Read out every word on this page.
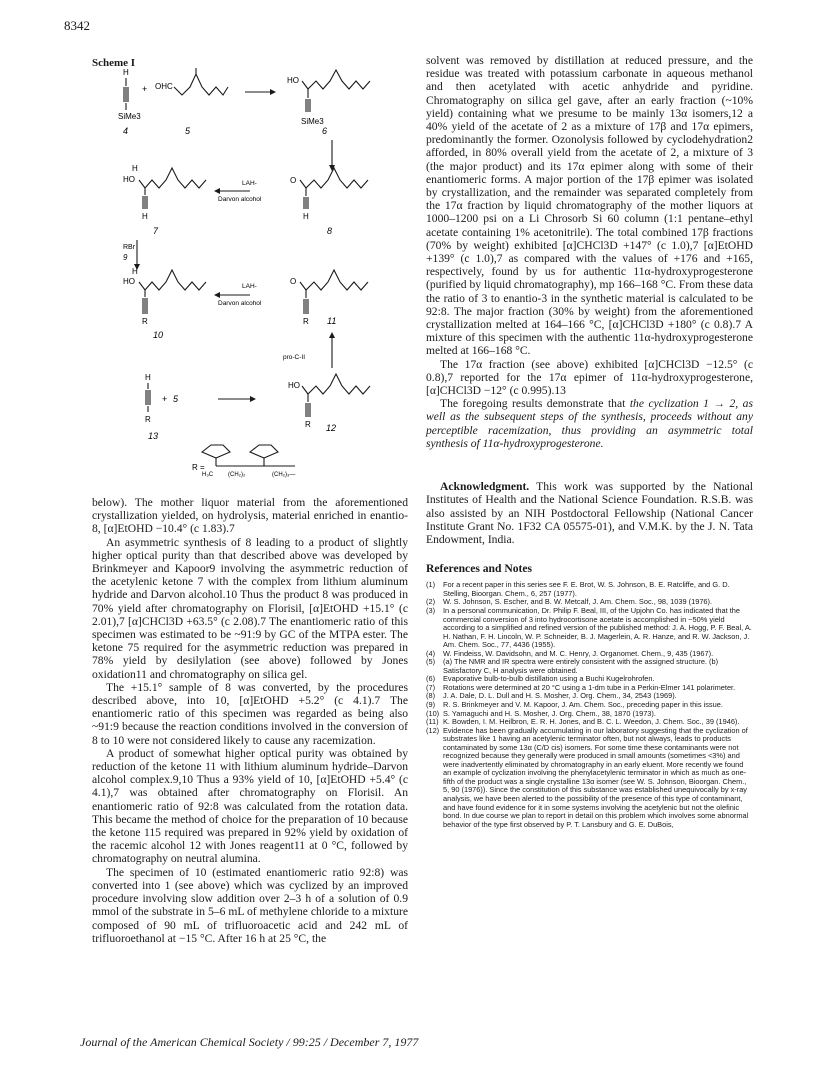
8342
Scheme I
H
SiMe3
+ OHC
HO
SiMe3
4	5	6
H
HO
H
LAH-
Darvon alcohol
O
H
7	8
RBr
9
H
HO
R
LAH-
Darvon alcohol
O
R
10
11
pro-C-II
H
R
+ 5
HO
R
13
12
R =
H₃C (CH₂)₂	(CH₂)₃—

solvent was removed by distillation at reduced pressure, and the residue was treated with potassium carbonate in aqueous methanol and then acetylated with acetic anhydride and pyridine. Chromatography on silica gel gave, after an early fraction (~10% yield) containing what we presume to be mainly 13α isomers,12 a 40% yield of the acetate of 2 as a mixture of 17β and 17α epimers, predominantly the former. Ozonolysis followed by cyclodehydration2 afforded, in 80% overall yield from the acetate of 2, a mixture of 3 (the major product) and its 17α epimer along with some of their enantiomeric forms. A major portion of the 17β epimer was isolated by crystallization, and the remainder was separated completely from the 17α fraction by liquid chromatography of the mother liquors at 1000–1200 psi on a Li Chrosorb Si 60 column (1:1 pentane–ethyl acetate containing 1% acetonitrile). The total combined 17β fractions (70% by weight) exhibited [α]CHCl3D +147° (c 1.0),7 [α]EtOHD +139° (c 1.0),7 as compared with the values of +176 and +165, respectively, found by us for authentic 11α-hydroxyprogesterone (purified by liquid chromatography), mp 166–168 °C. From these data the ratio of 3 to enantio-3 in the synthetic material is calculated to be 92:8. The major fraction (30% by weight) from the aforementioned crystallization melted at 164–166 °C, [α]CHCl3D +180° (c 0.8).7 A mixture of this specimen with the authentic 11α-hydroxyprogesterone melted at 166–168 °C.

The 17α fraction (see above) exhibited [α]CHCl3D −12.5° (c 0.8),7 reported for the 17α epimer of 11α-hydroxyprogesterone, [α]CHCl3D −12° (c 0.995).13

The foregoing results demonstrate that the cyclization 1 → 2, as well as the subsequent steps of the synthesis, proceeds without any perceptible racemization, thus providing an asymmetric total synthesis of 11α-hydroxyprogesterone.

Acknowledgment. This work was supported by the National Institutes of Health and the National Science Foundation. R.S.B. was also assisted by an NIH Postdoctoral Fellowship (National Cancer Institute Grant No. 1F32 CA 05575-01), and V.M.K. by the J. N. Tata Endowment, India.

References and Notes

(1) For a recent paper in this series see F. E. Brot, W. S. Johnson, B. E. Ratcliffe, and G. D. Stelling, Bioorgan. Chem., 6, 257 (1977).
(2) W. S. Johnson, S. Escher, and B. W. Metcalf, J. Am. Chem. Soc., 98, 1039 (1976).
(3) In a personal communication, Dr. Philip F. Beal, III, of the Upjohn Co. has indicated that the commercial conversion of 3 into hydrocortisone acetate is accomplished in ~50% yield according to a simplified and refined version of the published method: J. A. Hogg, P. F. Beal, A. H. Nathan, F. H. Lincoln, W. P. Schneider, B. J. Magerlein, A. R. Hanze, and R. W. Jackson, J. Am. Chem. Soc., 77, 4436 (1955).
(4) W. Findeiss, W. Davidsohn, and M. C. Henry, J. Organomet. Chem., 9, 435 (1967).
(5) (a) The NMR and IR spectra were entirely consistent with the assigned structure. (b) Satisfactory C, H analysis were obtained.
(6) Evaporative bulb-to-bulb distillation using a Buchi Kugelrohrofen.
(7) Rotations were determined at 20 °C using a 1-dm tube in a Perkin-Elmer 141 polarimeter.
(8) J. A. Dale, D. L. Dull and H. S. Mosher, J. Org. Chem., 34, 2543 (1969).
(9) R. S. Brinkmeyer and V. M. Kapoor, J. Am. Chem. Soc., preceding paper in this issue.
(10) S. Yamaguchi and H. S. Mosher, J. Org. Chem., 38, 1870 (1973).
(11) K. Bowden, I. M. Heilbron, E. R. H. Jones, and B. C. L. Weedon, J. Chem. Soc., 39 (1946).
(12) Evidence has been gradually accumulating in our laboratory suggesting that the cyclization of substrates like 1 having an acetylenic terminator often, but not always, leads to products contaminated by some 13α (C/D cis) isomers. For some time these contaminants were not recognized because they generally were produced in small amounts (sometimes <3%) and were inadvertently eliminated by chromatography in an early eluent. More recently we found an example of cyclization involving the phenylacetylenic terminator in which as much as one-fifth of the product was a single crystalline 13α isomer (see W. S. Johnson, Bioorgan. Chem., 5, 90 (1976)). Since the constitution of this substance was established unequivocally by x-ray analysis, we have been alerted to the possibility of the presence of this type of contaminant, and have found evidence for it in some systems involving the acetylenic but not the olefinic bond. In due course we plan to report in detail on this problem which involves some abnormal behavior of the type first observed by P. T. Lansbury and G. E. DuBois,

below). The mother liquor material from the aforementioned crystallization yielded, on hydrolysis, material enriched in enantio-8, [α]EtOHD −10.4° (c 1.83).7

An asymmetric synthesis of 8 leading to a product of slightly higher optical purity than that described above was developed by Brinkmeyer and Kapoor9 involving the asymmetric reduction of the acetylenic ketone 7 with the complex from lithium aluminum hydride and Darvon alcohol.10 Thus the product 8 was produced in 70% yield after chromatography on Florisil, [α]EtOHD +15.1° (c 2.01),7 [α]CHCl3D +63.5° (c 2.08).7 The enantiomeric ratio of this specimen was estimated to be ~91:9 by GC of the MTPA ester. The ketone 75 required for the asymmetric reduction was prepared in 78% yield by desilylation (see above) followed by Jones oxidation11 and chromatography on silica gel.

The +15.1° sample of 8 was converted, by the procedures described above, into 10, [α]EtOHD +5.2° (c 4.1).7 The enantiomeric ratio of this specimen was regarded as being also ~91:9 because the reaction conditions involved in the conversion of 8 to 10 were not considered likely to cause any racemization.

A product of somewhat higher optical purity was obtained by reduction of the ketone 11 with lithium aluminum hydride–Darvon alcohol complex.9,10 Thus a 93% yield of 10, [α]EtOHD +5.4° (c 4.1),7 was obtained after chromatography on Florisil. An enantiomeric ratio of 92:8 was calculated from the rotation data. This became the method of choice for the preparation of 10 because the ketone 115 required was prepared in 92% yield by oxidation of the racemic alcohol 12 with Jones reagent11 at 0 °C, followed by chromatography on neutral alumina.

The specimen of 10 (estimated enantiomeric ratio 92:8) was converted into 1 (see above) which was cyclized by an improved procedure involving slow addition over 2–3 h of a solution of 0.9 mmol of the substrate in 5–6 mL of methylene chloride to a mixture composed of 90 mL of trifluoroacetic acid and 242 mL of trifluoroethanol at −15 °C. After 16 h at 25 °C, the

Journal of the American Chemical Society / 99:25 / December 7, 1977
